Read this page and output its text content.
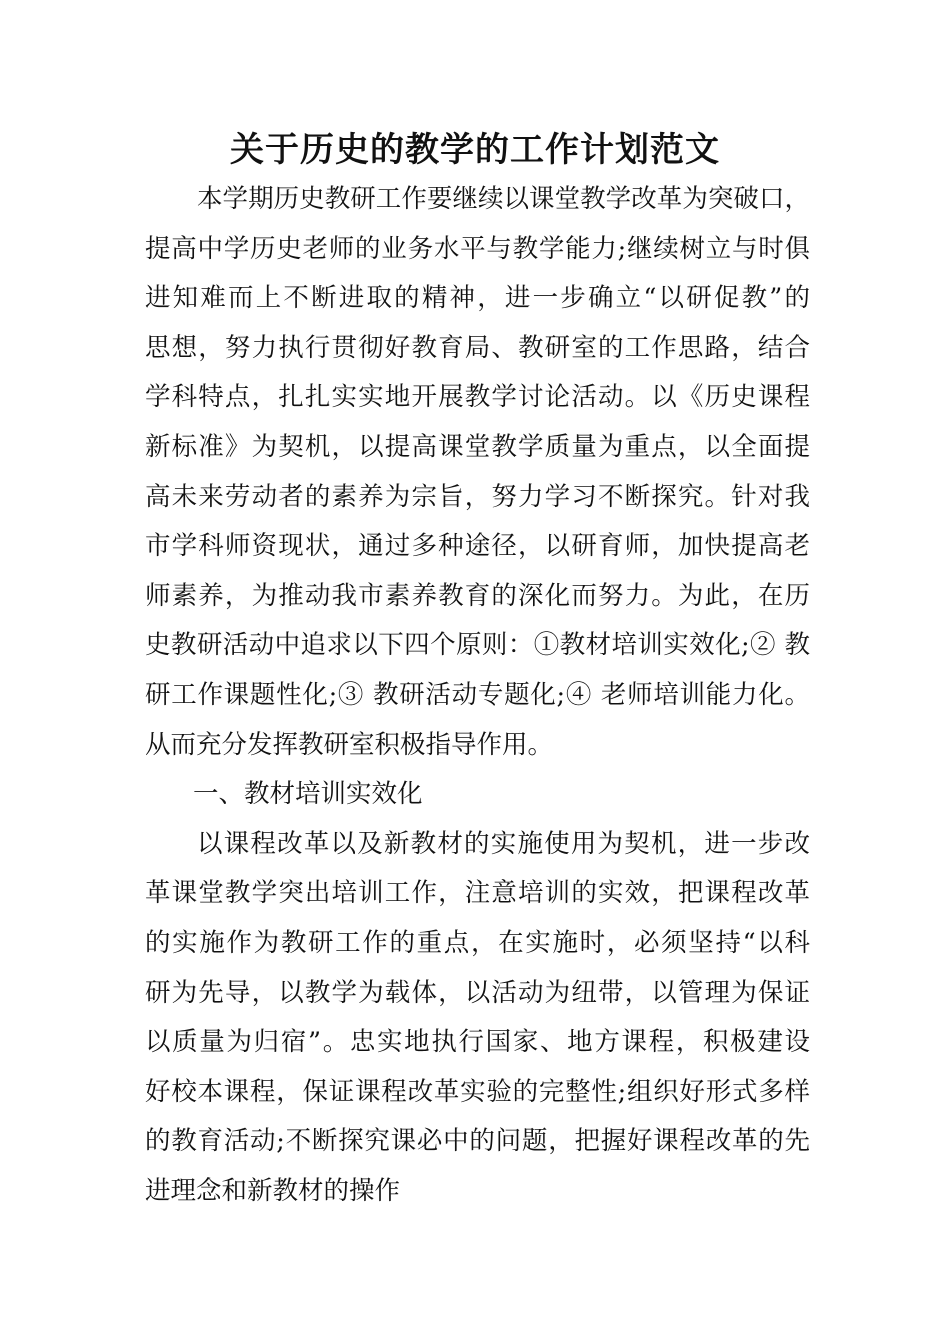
关于历史的教学的工作计划范文
本学期历史教研工作要继续以课堂教学改革为突破口，
提高中学历史老师的业务水平与教学能力;继续树立与时俱
进知难而上不断进取的精神，进一步确立“以研促教”的
思想，努力执行贯彻好教育局、教研室的工作思路，结合
学科特点，扎扎实实地开展教学讨论活动。以《历史课程
新标准》为契机，以提高课堂教学质量为重点，以全面提
高未来劳动者的素养为宗旨，努力学习不断探究。针对我
市学科师资现状，通过多种途径，以研育师，加快提高老
师素养，为推动我市素养教育的深化而努力。为此，在历
史教研活动中追求以下四个原则：①教材培训实效化;② 教
研工作课题性化;③ 教研活动专题化;④ 老师培训能力化。
从而充分发挥教研室积极指导作用。
一、教材培训实效化
以课程改革以及新教材的实施使用为契机，进一步改
革课堂教学突出培训工作，注意培训的实效，把课程改革
的实施作为教研工作的重点，在实施时，必须坚持“以科
研为先导，以教学为载体，以活动为纽带，以管理为保证
以质量为归宿”。忠实地执行国家、地方课程，积极建设
好校本课程，保证课程改革实验的完整性;组织好形式多样
的教育活动;不断探究课必中的问题，把握好课程改革的先
进理念和新教材的操作
